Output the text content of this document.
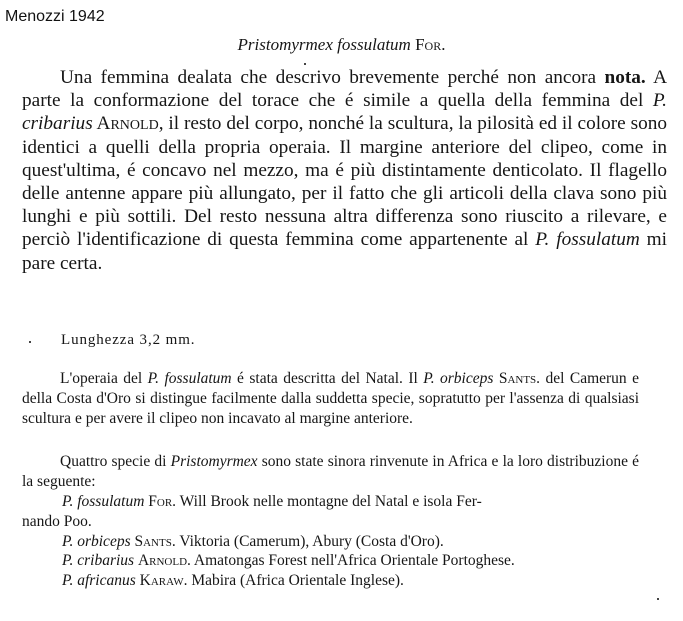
Menozzi 1942
Pristomyrmex fossulatum For.

Una femmina dealata che descrivo brevemente perché non ancora nota. A parte la conformazione del torace che é simile a quella della femmina del P. cribarius Arnold, il resto del corpo, nonché la scultura, la pilosità ed il colore sono identici a quelli della propria operaia. Il margine anteriore del clipeo, come in quest'ultima, é concavo nel mezzo, ma é più distintamente denticolato. Il flagello delle antenne appare più allungato, per il fatto che gli articoli della clava sono più lunghi e più sottili. Del resto nessuna altra differenza sono riuscito a rilevare, e perciò l'identificazione di questa femmina come appartenente al P. fossulatum mi pare certa.

Lunghezza 3,2 mm.

L'operaia del P. fossulatum é stata descritta del Natal. Il P. orbiceps Sants. del Camerun e della Costa d'Oro si distingue facilmente dalla suddetta specie, sopratutto per l'assenza di qualsiasi scultura e per avere il clipeo non incavato al margine anteriore.

Quattro specie di Pristomyrmex sono state sinora rinvenute in Africa e la loro distribuzione é la seguente:

P. fossulatum For. Will Brook nelle montagne del Natal e isola Fer-
nando Poo.
P. orbiceps Sants. Viktoria (Camerum), Abury (Costa d'Oro).
P. cribarius Arnold. Amatongas Forest nell'Africa Orientale Portoghese.
P. africanus Karaw. Mabira (Africa Orientale Inglese).
